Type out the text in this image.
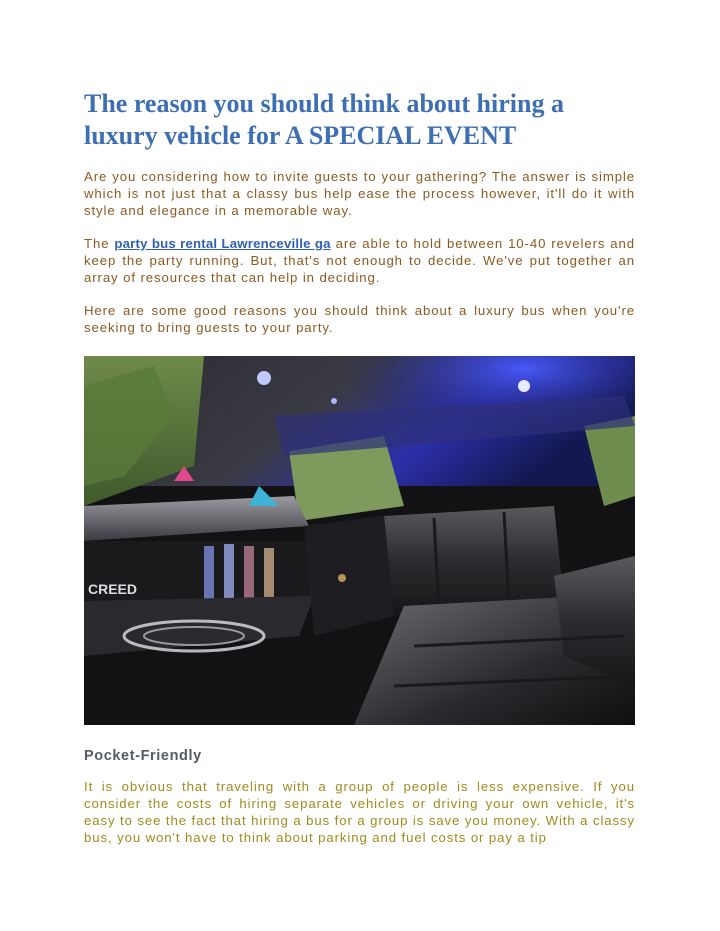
The reason you should think about hiring a luxury vehicle for A SPECIAL EVENT

Are you considering how to invite guests to your gathering? The answer is simple which is not just that a classy bus help ease the process however, it'll do it with style and elegance in a memorable way.

The party bus rental Lawrenceville ga are able to hold between 10-40 revelers and keep the party running. But, that's not enough to decide. We've put together an array of resources that can help in deciding.

Here are some good reasons you should think about a luxury bus when you're seeking to bring guests to your party.

CREED
Pocket-Friendly

It is obvious that traveling with a group of people is less expensive. If you consider the costs of hiring separate vehicles or driving your own vehicle, it's easy to see the fact that hiring a bus for a group is save you money. With a classy bus, you won't have to think about parking and fuel costs or pay a tip
